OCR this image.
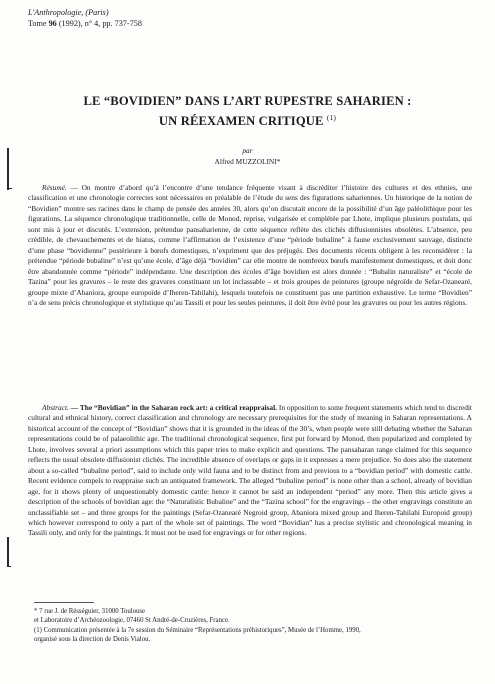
L'Anthropologie, (Paris)
Tome 96 (1992), n° 4, pp. 737-758
LE “BOVIDIEN” DANS L’ART RUPESTRE SAHARIEN :
UN RÉEXAMEN CRITIQUE $^{(1)}$
par
Alfred MUZZOLINI*

Résumé. — On montre d’abord qu’à l’encontre d’une tendance fréquente visant à discréditer l’histoire des cultures et des ethnies, une classification et une chronologie correctes sont nécessaires en préalable de l’étude du sens des figurations sahariennes. Un historique de la notion de “Bovidien” montre ses racines dans le champ de pensée des années 30, alors qu’on discutait encore de la possibilité d’un âge paléolithique pour les figurations. La séquence chronologique traditionnelle, celle de Monod, reprise, vulgarisée et complétée par Lhote, implique plusieurs postulats, qui sont mis à jour et discutés. L’extension, prétendue pansaharienne, de cette séquence reflète des clichés diffusionnistes obsolètes. L’absence, peu crédible, de chevauchements et de hiatus, comme l’affirmation de l’existence d’une “période bubaline” à faune exclusivement sauvage, distincte d’une phase “bovidienne” postérieure à bœufs domestiques, n’expriment que des préjugés. Des documents récents obligent à les reconsidérer : la prétendue “période bubaline” n’est qu’une école, d’âge déjà “bovidien” car elle montre de nombreux bœufs manifestement domestiques, et doit donc être abandonnée comme “période” indépendante. Une description des écoles d’âge bovidien est alors donnée : “Bubalin naturaliste” et “école de Tazina” pour les gravures – le reste des gravures constituant un lot inclassable – et trois groupes de peintures (groupe négroïde de Sefar-Ozanearé, groupe mixte d’Abaniora, groupe europoïde d’Iheren-Tahilahi), lesquels toutefois ne constituent pas une partition exhaustive. Le terme “Bovidien” n’a de sens précis chronologique et stylistique qu’au Tassili et pour les seules peintures, il doit être évité pour les gravures ou pour les autres régions.

Abstract. — The “Bovidian” in the Saharan rock art: a critical reappraisal. In opposition to some frequent statements which tend to discredit cultural and ethnical history, correct classification and chronology are necessary prerequisites for the study of meaning in Saharan representations. A historical account of the concept of “Bovidian” shows that it is grounded in the ideas of the 30’s, when people were still debating whether the Saharan representations could be of palaeolithic age. The traditional chronological sequence, first put forward by Monod, then popularized and completed by Lhote, involves several a priori assumptions which this paper tries to make explicit and questions. The pansaharan range claimed for this sequence reflects the usual obsolete diffusionist clichés. The incredible absence of overlaps or gaps in it expresses a mere prejudice. So does also the statement about a so-called “bubaline period”, said to include only wild fauna and to be distinct from and previous to a “bovidian period” with domestic cattle. Recent evidence compels to reappraise such an antiquated framework. The alleged “bubaline period” is none other than a school, already of bovidian age, for it shows plenty of unquestionably domestic cattle: hence it cannot be said an independent “period” any more. Then this article gives a description of the schools of bovidian age: the “Naturalistic Bubaline” and the “Tazina school” for the engravings – the other engravings constitute an unclassifiable set – and three groups for the paintings (Sefar-Ozanearé Negroid group, Abaniora mixed group and Iheren-Tahilahi Europoid group) which however correspond to only a part of the whole set of paintings. The word “Bovidian” has a precise stylistic and chronological meaning in Tassili only, and only for the paintings. It must not be used for engravings or for other regions.

* 7 rue J. de Résséguier, 31000 Toulouse
et Laboratoire d’Archéozoologie, 07460 St André-de-Cruzières, France.
(1) Communication présentée à la 7e session du Séminaire “Représentations préhistoriques”, Musée de l’Homme, 1990,
organisé sous la direction de Denis Vialou.
